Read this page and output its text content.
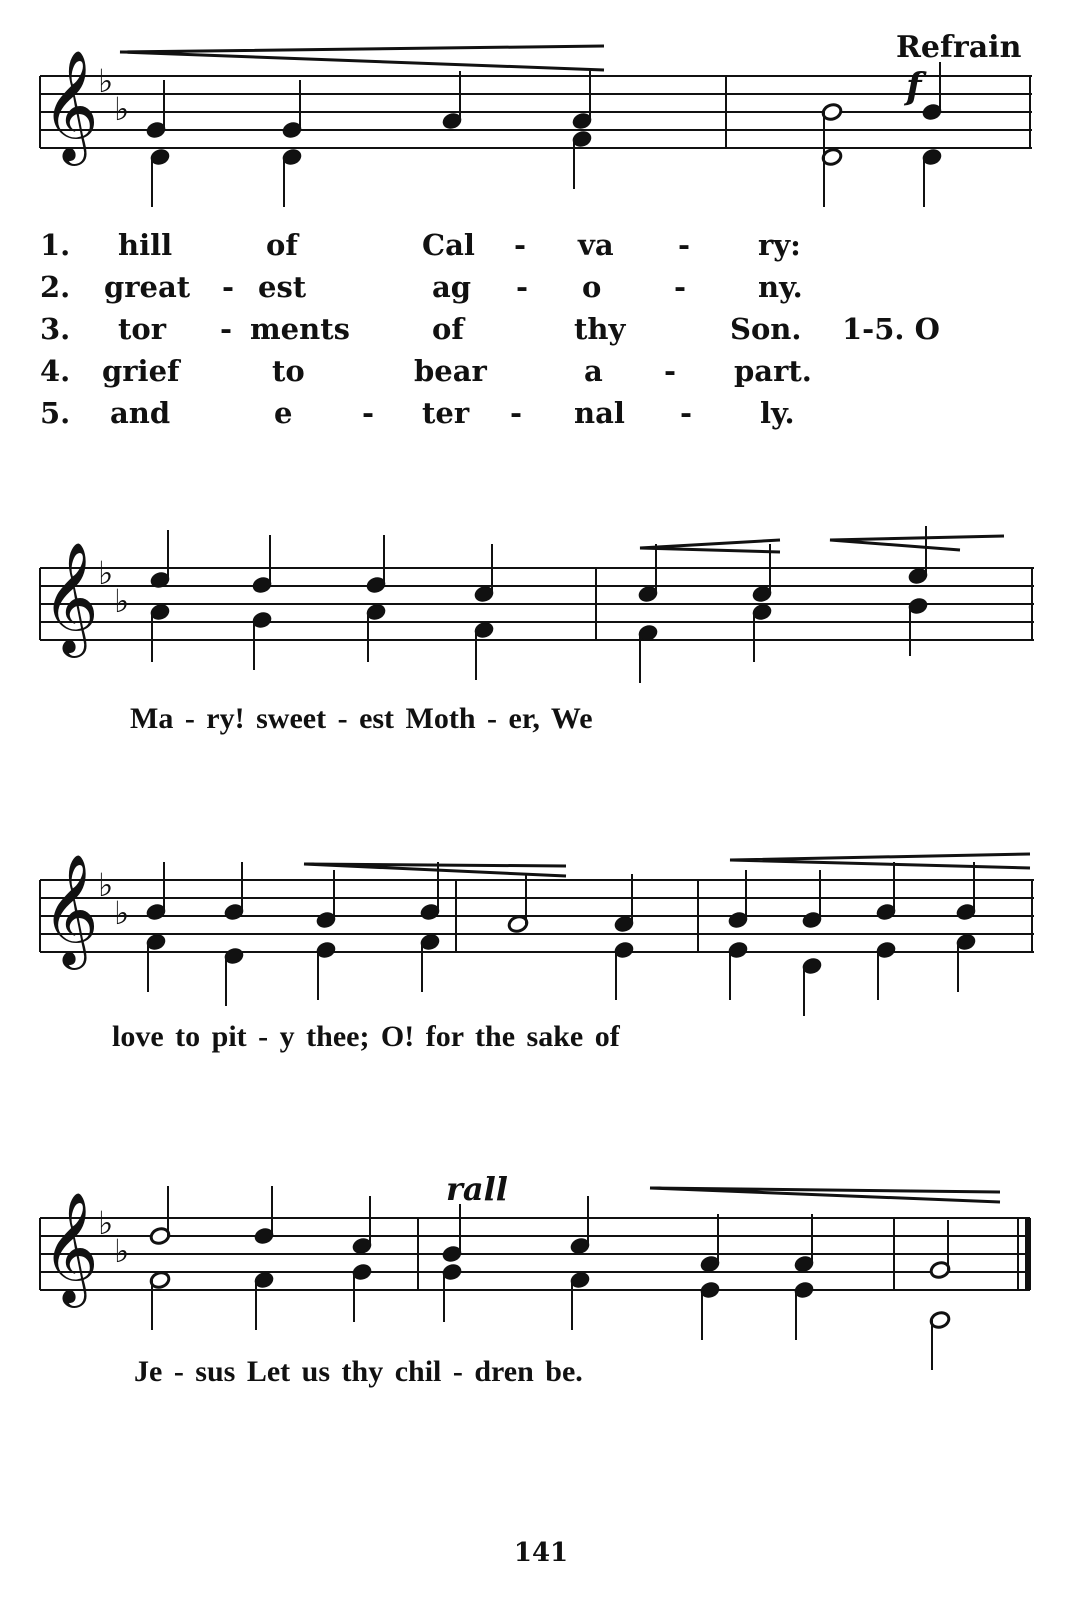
𝄞 ♭
♭
𝄞 ♭
♭
𝄞 ♭
♭
𝄞 ♭
♭
Refrain
f
1. hill	of	Cal - va - ry:
2. great - est	ag - o	- ny.
3. tor - ments	of	thy	Son. 1-5. O
4. grief	to	bear	a - part.
5. and	e - ter - nal - ly.
Ma - ry! sweet - est Moth - er, We
love to pit - y thee; O! for the sake of
Je - sus Let us thy chil - dren be.
rall
141
